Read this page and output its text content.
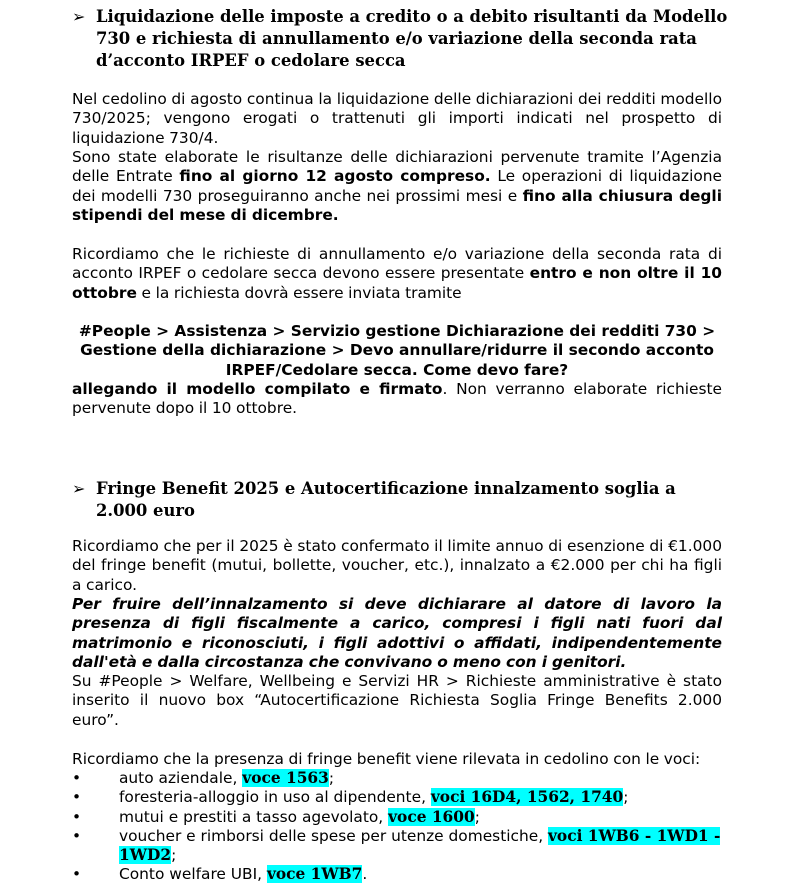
➢ Liquidazione delle imposte a credito o a debito risultanti da Modello 730 e richiesta di annullamento e/o variazione della seconda rata d’acconto IRPEF o cedolare secca
Nel cedolino di agosto continua la liquidazione delle dichiarazioni dei redditi modello 730/2025; vengono erogati o trattenuti gli importi indicati nel prospetto di liquidazione 730/4.
Sono state elaborate le risultanze delle dichiarazioni pervenute tramite l’Agenzia delle Entrate fino al giorno 12 agosto compreso. Le operazioni di liquidazione dei modelli 730 proseguiranno anche nei prossimi mesi e fino alla chiusura degli stipendi del mese di dicembre.
Ricordiamo che le richieste di annullamento e/o variazione della seconda rata di acconto IRPEF o cedolare secca devono essere presentate entro e non oltre il 10 ottobre e la richiesta dovrà essere inviata tramite
#People > Assistenza > Servizio gestione Dichiarazione dei redditi 730 > Gestione della dichiarazione > Devo annullare/ridurre il secondo acconto IRPEF/Cedolare secca. Come devo fare?
allegando il modello compilato e firmato. Non verranno elaborate richieste pervenute dopo il 10 ottobre.
➢ Fringe Benefit 2025 e Autocertificazione innalzamento soglia a 2.000 euro
Ricordiamo che per il 2025 è stato confermato il limite annuo di esenzione di €1.000 del fringe benefit (mutui, bollette, voucher, etc.), innalzato a €2.000 per chi ha figli a carico.
Per fruire dell’innalzamento si deve dichiarare al datore di lavoro la presenza di figli fiscalmente a carico, compresi i figli nati fuori dal matrimonio e riconosciuti, i figli adottivi o affidati, indipendentemente dall'età e dalla circostanza che convivano o meno con i genitori.
Su #People > Welfare, Wellbeing e Servizi HR > Richieste amministrative è stato inserito il nuovo box “Autocertificazione Richiesta Soglia Fringe Benefits 2.000 euro”.
Ricordiamo che la presenza di fringe benefit viene rilevata in cedolino con le voci:
• auto aziendale, voce 1563;
• foresteria-alloggio in uso al dipendente, voci 16D4, 1562, 1740;
• mutui e prestiti a tasso agevolato, voce 1600;
• voucher e rimborsi delle spese per utenze domestiche, voci 1WB6 - 1WD1 - 1WD2;
• Conto welfare UBI, voce 1WB7.
